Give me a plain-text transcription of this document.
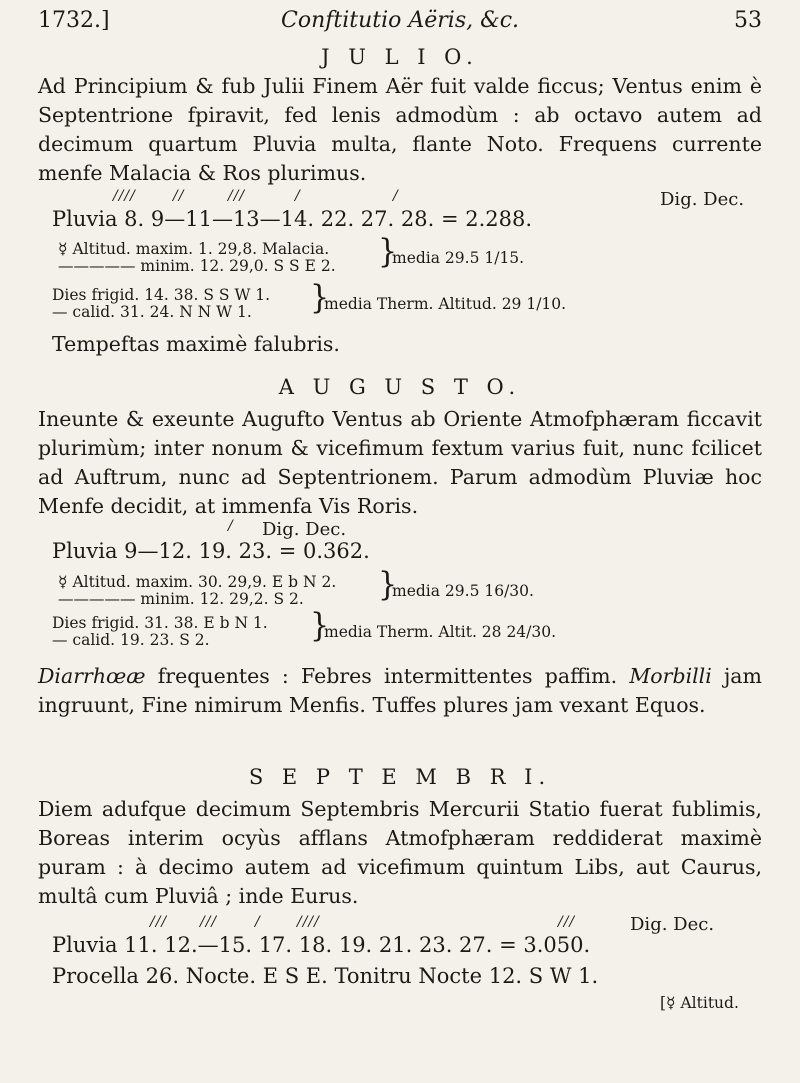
1732.]	Conftitutio Aëris, &c.	53
J U L I O.
Ad Principium & fub Julii Finem Aër fuit valde ficcus; Ventus enim è Septentrione fpiravit, fed lenis admodùm : ab octavo autem ad decimum quartum Pluvia multa, flante Noto. Frequens currente menfe Malacia & Ros plurimus.
////	//	///	/	/	Dig. Dec.
Pluvia 8. 9—11—13—14. 22. 27. 28. = 2.288.
☿ Altitud. maxim. 1. 29,8. Malacia.
————— minim. 12. 29,0. S S E 2. }
media 29.5 1/15.
Dies frigid. 14. 38. S S W 1.
— calid. 31. 24. N N W 1. }
media Therm. Altitud. 29 1/10.
Tempeftas maximè falubris.
A U G U S T O.
Ineunte & exeunte Augufto Ventus ab Oriente Atmofphæram ficcavit plurimùm; inter nonum & vicefimum fextum varius fuit, nunc fcilicet ad Auftrum, nunc ad Septentrionem. Parum admodùm Pluviæ hoc Menfe decidit, at immenfa Vis Roris.
/ Dig. Dec.
Pluvia 9—12. 19. 23. = 0.362.
☿ Altitud. maxim. 30. 29,9. E b N 2.
————— minim. 12. 29,2. S 2. }
media 29.5 16/30.
Dies frigid. 31. 38. E b N 1.
— calid. 19. 23. S 2.	}
media Therm. Altit. 28 24/30.
Diarrhœæ frequentes : Febres intermittentes paffim. Morbilli jam ingruunt, Fine nimirum Menfis. Tuffes plures jam vexant Equos.
S E P T E M B R I.
Diem adufque decimum Septembris Mercurii Statio fuerat fublimis, Boreas interim ocyùs afflans Atmofphæram reddiderat maximè puram : à decimo autem ad vicefimum quintum Libs, aut Caurus, multâ cum Pluviâ ; inde Eurus.
/// ///	/	////	///	Dig. Dec.
Pluvia 11. 12.—15. 17. 18. 19. 21. 23. 27. = 3.050.
Procella 26. Nocte. E S E. Tonitru Nocte 12. S W 1.
[☿ Altitud.
